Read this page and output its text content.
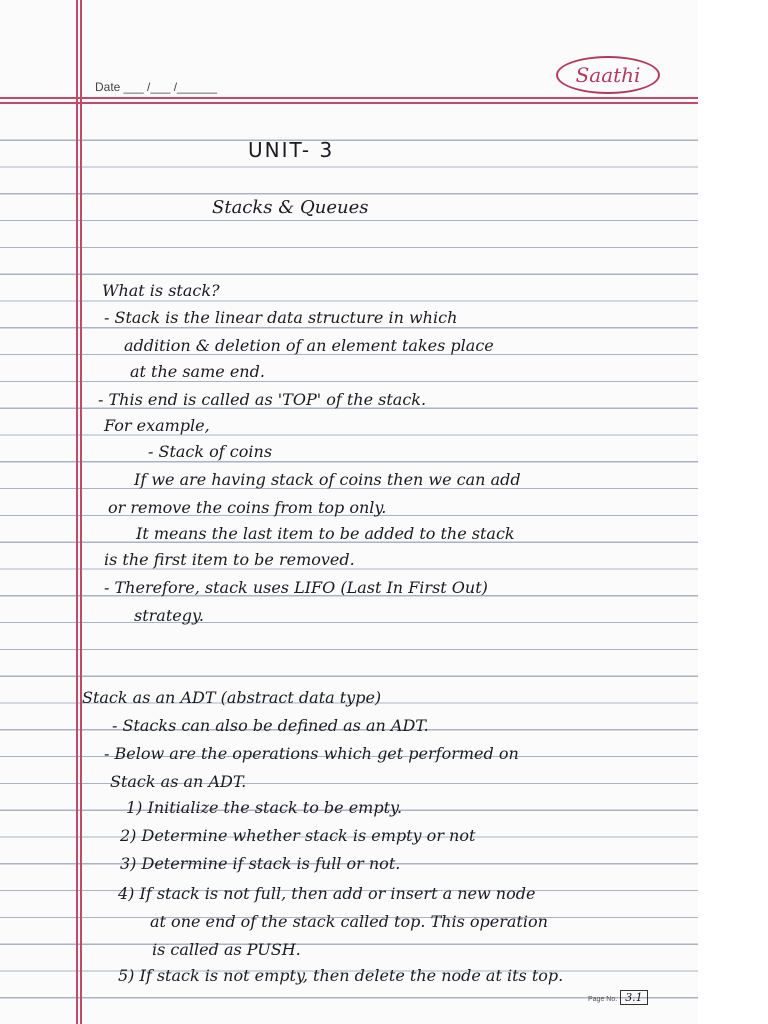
Date ___ /___ /______	Saathi
UNIT- 3
Stacks & Queues
What is stack?
- Stack is the linear data structure in which
addition & deletion of an element takes place
at the same end.
- This end is called as 'TOP' of the stack.
For example,
- Stack of coins
If we are having stack of coins then we can add
or remove the coins from top only.
It means the last item to be added to the stack
is the first item to be removed.
- Therefore, stack uses LIFO (Last In First Out)
strategy.
Stack as an ADT (abstract data type)
- Stacks can also be defined as an ADT.
- Below are the operations which get performed on
Stack as an ADT.
1) Initialize the stack to be empty.
2) Determine whether stack is empty or not
3) Determine if stack is full or not.
4) If stack is not full, then add or insert a new node
at one end of the stack called top. This operation
is called as PUSH.
5) If stack is not empty, then delete the node at its top.
Page No. 3.1
